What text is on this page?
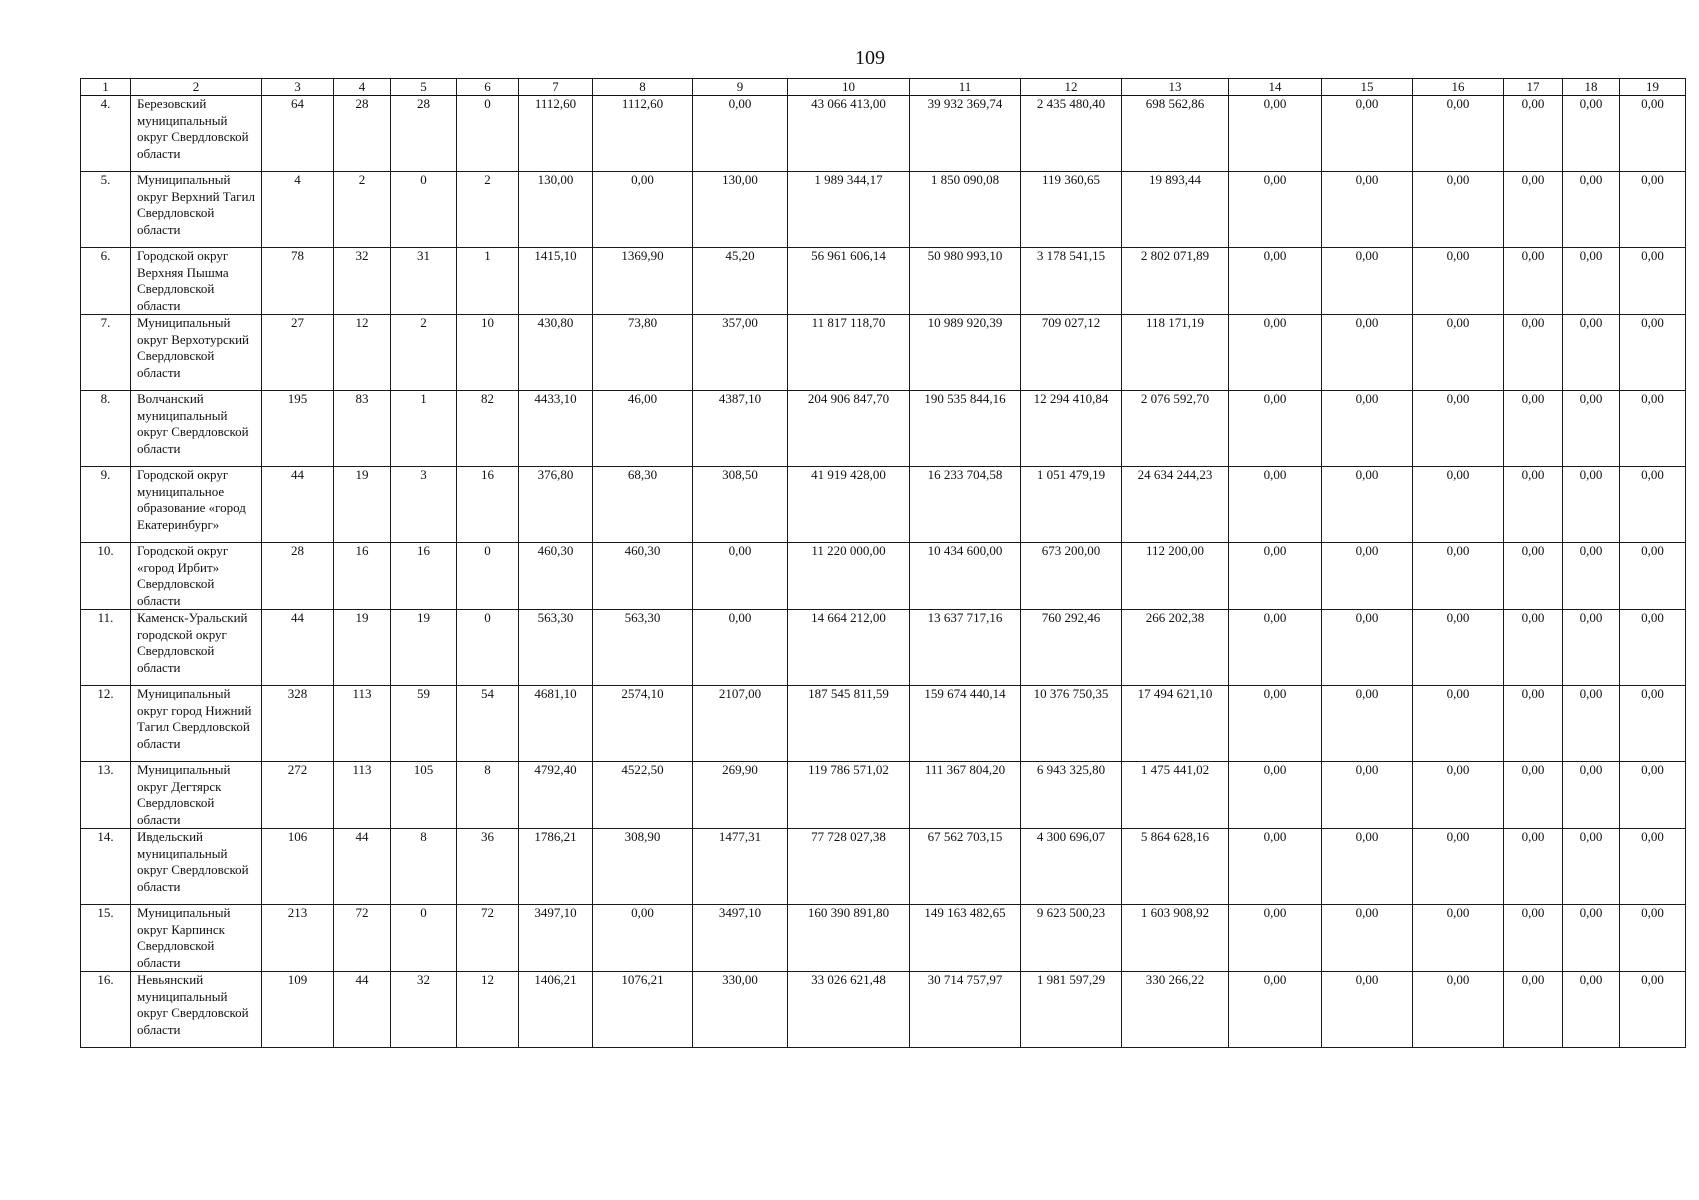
109
1	2	3	4	5	6	7	8	9	10	11	12	13	14	15	16	17	18	19
4.	Березовский муниципальный округ Свердловской области	64	28	28	0	1112,60	1112,60	0,00	43 066 413,00	39 932 369,74	2 435 480,40	698 562,86	0,00	0,00	0,00	0,00	0,00	0,00
5.	Муниципальный округ Верхний Тагил Свердловской области	4	2	0	2	130,00	0,00	130,00	1 989 344,17	1 850 090,08	119 360,65	19 893,44	0,00	0,00	0,00	0,00	0,00	0,00
6.	Городской округ Верхняя Пышма Свердловской области	78	32	31	1	1415,10	1369,90	45,20	56 961 606,14	50 980 993,10	3 178 541,15	2 802 071,89	0,00	0,00	0,00	0,00	0,00	0,00
7.	Муниципальный округ Верхотурский Свердловской области	27	12	2	10	430,80	73,80	357,00	11 817 118,70	10 989 920,39	709 027,12	118 171,19	0,00	0,00	0,00	0,00	0,00	0,00
8.	Волчанский муниципальный округ Свердловской области	195	83	1	82	4433,10	46,00	4387,10	204 906 847,70	190 535 844,16	12 294 410,84	2 076 592,70	0,00	0,00	0,00	0,00	0,00	0,00
9.	Городской округ муниципальное образование «город Екатеринбург»	44	19	3	16	376,80	68,30	308,50	41 919 428,00	16 233 704,58	1 051 479,19	24 634 244,23	0,00	0,00	0,00	0,00	0,00	0,00
10.	Городской округ «город Ирбит» Свердловской области	28	16	16	0	460,30	460,30	0,00	11 220 000,00	10 434 600,00	673 200,00	112 200,00	0,00	0,00	0,00	0,00	0,00	0,00
11.	Каменск-Уральский городской округ Свердловской области	44	19	19	0	563,30	563,30	0,00	14 664 212,00	13 637 717,16	760 292,46	266 202,38	0,00	0,00	0,00	0,00	0,00	0,00
12.	Муниципальный округ город Нижний Тагил Свердловской области	328	113	59	54	4681,10	2574,10	2107,00	187 545 811,59	159 674 440,14	10 376 750,35	17 494 621,10	0,00	0,00	0,00	0,00	0,00	0,00
13.	Муниципальный округ Дегтярск Свердловской области	272	113	105	8	4792,40	4522,50	269,90	119 786 571,02	111 367 804,20	6 943 325,80	1 475 441,02	0,00	0,00	0,00	0,00	0,00	0,00
14.	Ивдельский муниципальный округ Свердловской области	106	44	8	36	1786,21	308,90	1477,31	77 728 027,38	67 562 703,15	4 300 696,07	5 864 628,16	0,00	0,00	0,00	0,00	0,00	0,00
15.	Муниципальный округ Карпинск Свердловской области	213	72	0	72	3497,10	0,00	3497,10	160 390 891,80	149 163 482,65	9 623 500,23	1 603 908,92	0,00	0,00	0,00	0,00	0,00	0,00
16.	Невьянский муниципальный округ Свердловской области	109	44	32	12	1406,21	1076,21	330,00	33 026 621,48	30 714 757,97	1 981 597,29	330 266,22	0,00	0,00	0,00	0,00	0,00	0,00
